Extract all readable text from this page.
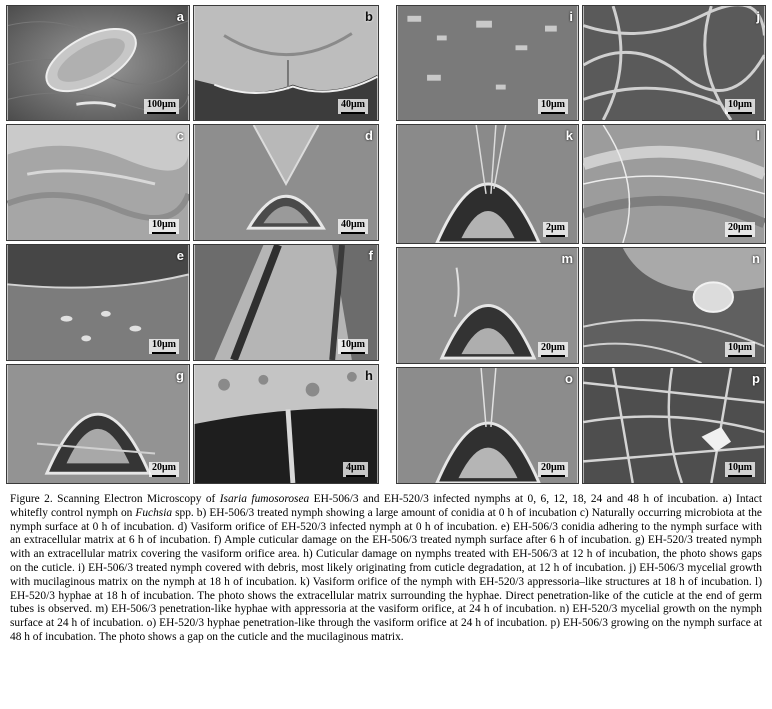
a
100μm
b
40μm
c
10μm
d
40μm
e
10μm
f
10μm
g
20μm
h
4μm
i
10μm
j
10μm
k
2μm
l
20μm
m
20μm
n
10μm
o
20μm
p
10μm
Figure 2. Scanning Electron Microscopy of Isaria fumosorosea EH-506/3 and EH-520/3 infected nymphs at 0, 6, 12, 18, 24 and 48 h of incubation. a) Intact whitefly control nymph on Fuchsia spp. b) EH-506/3 treated nymph showing a large amount of conidia at 0 h of incubation c) Naturally occurring microbiota at the nymph surface at 0 h of incubation. d) Vasiform orifice of EH-520/3 infected nymph at 0 h of incubation. e) EH-506/3 conidia adhering to the nymph surface with an extracellular matrix at 6 h of incubation. f) Ample cuticular damage on the EH-506/3 treated nymph surface after 6 h of incubation. g) EH-520/3 treated nymph with an extracellular matrix covering the vasiform orifice area. h) Cuticular damage on nymphs treated with EH-506/3 at 12 h of incubation, the photo shows gaps on the cuticle. i) EH-506/3 treated nymph covered with debris, most likely originating from cuticle degradation, at 12 h of incubation. j) EH-506/3 mycelial growth with mucilaginous matrix on the nymph at 18 h of incubation. k) Vasiform orifice of the nymph with EH-520/3 appressoria–like structures at 18 h of incubation. l) EH-520/3 hyphae at 18 h of incubation. The photo shows the extracellular matrix surrounding the hyphae. Direct penetration-like of the cuticle at the end of germ tubes is observed. m) EH-506/3 penetration-like hyphae with appressoria at the vasiform orifice, at 24 h of incubation. n) EH-520/3 mycelial growth on the nymph surface at 24 h of incubation. o) EH-520/3 hyphae penetration-like through the vasiform orifice at 24 h of incubation. p) EH-506/3 growing on the nymph surface at 48 h of incubation. The photo shows a gap on the cuticle and the mucilaginous matrix.
